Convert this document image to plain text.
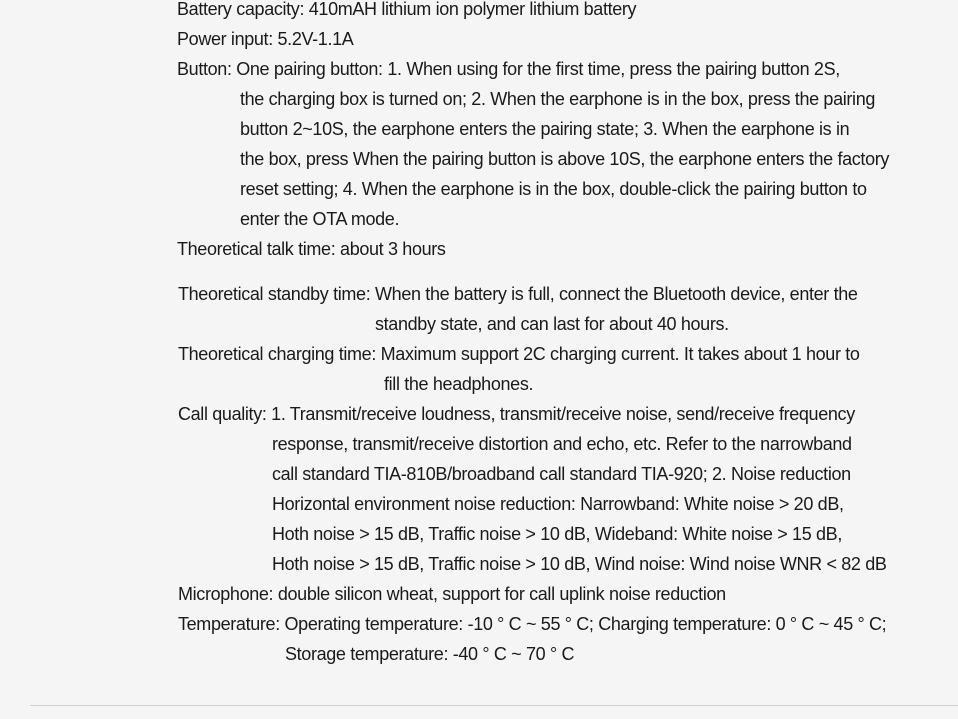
Battery capacity: 410mAH lithium ion polymer lithium battery
Power input: 5.2V-1.1A
Button: One pairing button: 1. When using for the first time, press the pairing button 2S,
the charging box is turned on; 2. When the earphone is in the box, press the pairing
button 2~10S, the earphone enters the pairing state; 3. When the earphone is in
the box, press When the pairing button is above 10S, the earphone enters the factory
reset setting; 4. When the earphone is in the box, double-click the pairing button to
enter the OTA mode.
Theoretical talk time: about 3 hours
Theoretical standby time: When the battery is full, connect the Bluetooth device, enter the
standby state, and can last for about 40 hours.
Theoretical charging time: Maximum support 2C charging current. It takes about 1 hour to
fill the headphones.
Call quality: 1. Transmit/receive loudness, transmit/receive noise, send/receive frequency
response, transmit/receive distortion and echo, etc. Refer to the narrowband
call standard TIA-810B/broadband call standard TIA-920; 2. Noise reduction
Horizontal environment noise reduction: Narrowband: White noise > 20 dB,
Hoth noise > 15 dB, Traffic noise > 10 dB, Wideband: White noise > 15 dB,
Hoth noise > 15 dB, Traffic noise > 10 dB, Wind noise: Wind noise WNR < 82 dB
Microphone: double silicon wheat, support for call uplink noise reduction
Temperature: Operating temperature: -10 ° C ~ 55 ° C; Charging temperature: 0 ° C ~ 45 ° C;
Storage temperature: -40 ° C ~ 70 ° C
